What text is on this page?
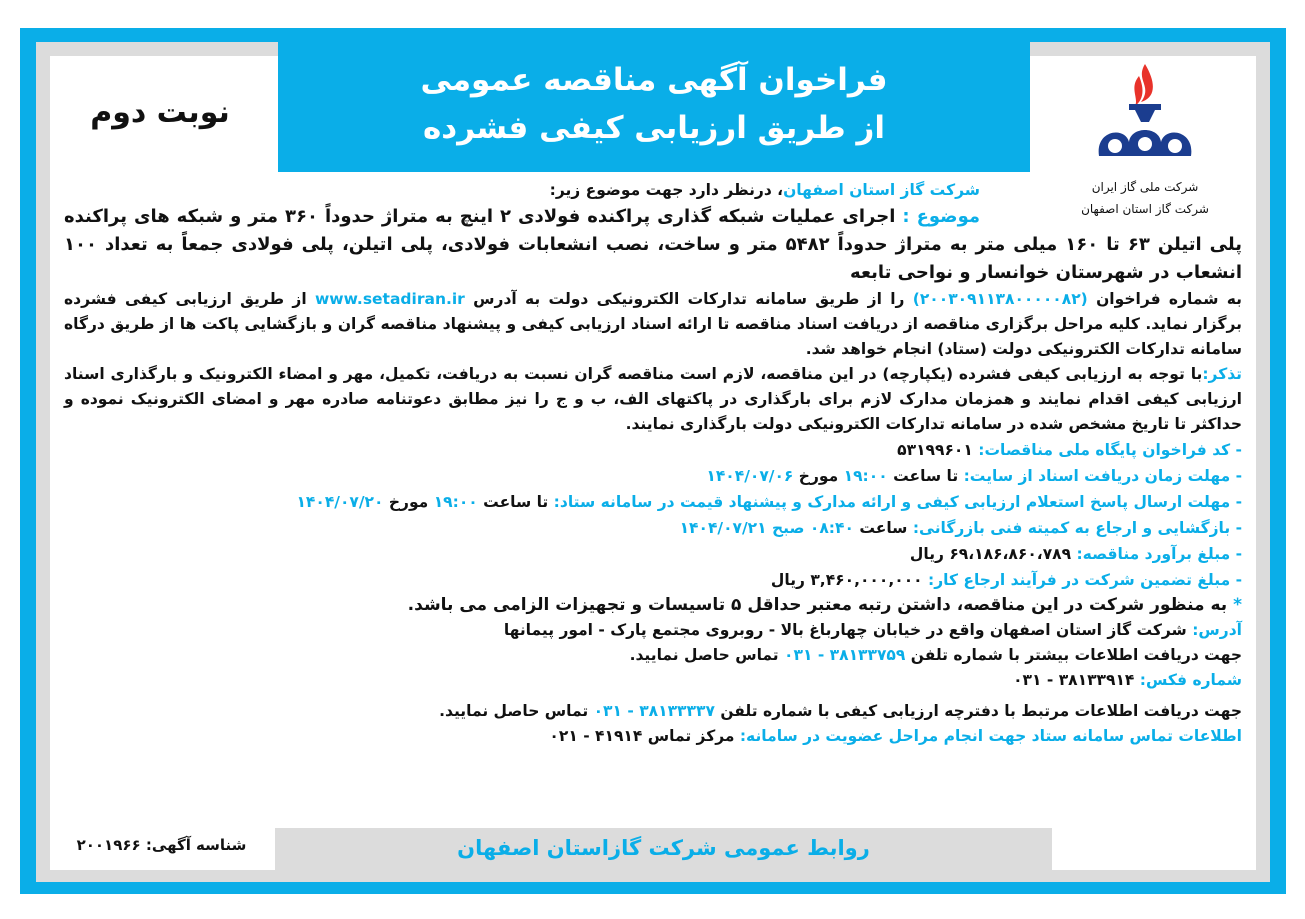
فراخوان آگهی مناقصه عمومی
از طریق ارزیابی کیفی فشرده
نوبت دوم
شرکت ملی گاز ایران
شرکت گاز استان اصفهان

شرکت گاز استان اصفهان، درنظر دارد جهت موضوع زیر:

موضوع : اجرای عملیات شبکه گذاری پراکنده فولادی ۲ اینچ به متراژ حدوداً ۳۶۰ متر و شبکه های پراکنده پلی اتیلن ۶۳ تا ۱۶۰ میلی متر به متراژ حدوداً ۵۴۸۲ متر و ساخت، نصب انشعابات فولادی، پلی اتیلن، پلی فولادی جمعاً به تعداد ۱۰۰ انشعاب در شهرستان خوانسار و نواحی تابعه

به شماره فراخوان (۲۰۰۳۰۹۱۱۳۸۰۰۰۰۰۸۲) را از طریق سامانه تدارکات الکترونیکی دولت به آدرس www.setadiran.ir از طریق ارزیابی کیفی فشرده برگزار نماید. کلیه مراحل برگزاری مناقصه از دریافت اسناد مناقصه تا ارائه اسناد ارزیابی کیفی و پیشنهاد مناقصه گران و بازگشایی پاکت ها از طریق درگاه سامانه تدارکات الکترونیکی دولت (ستاد) انجام خواهد شد.

تذکر:با توجه به ارزیابی کیفی فشرده (یکپارچه) در این مناقصه، لازم است مناقصه گران نسبت به دریافت، تکمیل، مهر و امضاء الکترونیک و بارگذاری اسناد ارزیابی کیفی اقدام نمایند و همزمان مدارک لازم برای بارگذاری در پاکتهای الف، ب و ج را نیز مطابق دعوتنامه صادره مهر و امضای الکترونیک نموده و حداکثر تا تاریخ مشخص شده در سامانه تدارکات الکترونیکی دولت بارگذاری نمایند.

- کد فراخوان پایگاه ملی مناقصات: ۵۳۱۹۹۶۰۱

- مهلت زمان دریافت اسناد از سایت: تا ساعت ۱۹:۰۰ مورخ ۱۴۰۴/۰۷/۰۶

- مهلت ارسال پاسخ استعلام ارزیابی کیفی و ارائه مدارک و پیشنهاد قیمت در سامانه ستاد: تا ساعت ۱۹:۰۰ مورخ ۱۴۰۴/۰۷/۲۰

- بازگشایی و ارجاع به کمیته فنی بازرگانی: ساعت ۰۸:۴۰ صبح ۱۴۰۴/۰۷/۲۱

- مبلغ برآورد مناقصه: ۶۹،۱۸۶،۸۶۰،۷۸۹ ریال

- مبلغ تضمین شرکت در فرآیند ارجاع کار: ۳,۴۶۰,۰۰۰,۰۰۰ ریال

* به منظور شرکت در این مناقصه، داشتن رتبه معتبر حداقل ۵ تاسیسات و تجهیزات الزامی می باشد.

آدرس: شرکت گاز استان اصفهان واقع در خیابان چهارباغ بالا - روبروی مجتمع پارک - امور پیمانها

جهت دریافت اطلاعات بیشتر با شماره تلفن ۳۸۱۳۳۷۵۹ - ۰۳۱ تماس حاصل نمایید.

شماره فکس: ۳۸۱۳۳۹۱۴ - ۰۳۱

جهت دریافت اطلاعات مرتبط با دفترچه ارزیابی کیفی با شماره تلفن ۳۸۱۳۳۳۳۷ - ۰۳۱ تماس حاصل نمایید.

اطلاعات تماس سامانه ستاد جهت انجام مراحل عضویت در سامانه: مرکز تماس ۴۱۹۱۴ - ۰۲۱

روابط عمومی شرکت گازاستان اصفهان
شناسه آگهی: ۲۰۰۱۹۶۶
